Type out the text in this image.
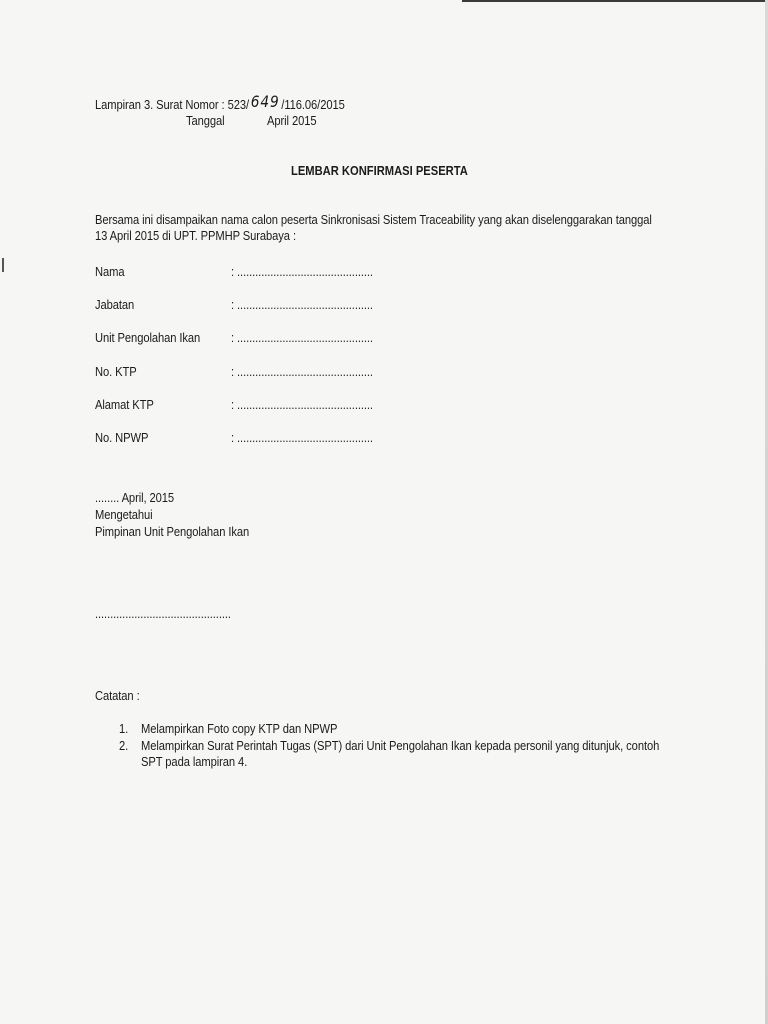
Lampiran 3. Surat Nomor : 523/ 649 /116.06/2015
Tanggal	April 2015
LEMBAR KONFIRMASI PESERTA
Bersama ini disampaikan nama calon peserta Sinkronisasi Sistem Traceability yang akan diselenggarakan tanggal
13 April 2015 di UPT. PPMHP Surabaya :
Nama	: .............................................
Jabatan	: .............................................
Unit Pengolahan Ikan : .............................................
No. KTP	: .............................................
Alamat KTP	: .............................................
No. NPWP	: .............................................
........ April, 2015
Mengetahui
Pimpinan Unit Pengolahan Ikan
.............................................
Catatan :
1. Melampirkan Foto copy KTP dan NPWP
2. Melampirkan Surat Perintah Tugas (SPT) dari Unit Pengolahan Ikan kepada personil yang ditunjuk, contoh
SPT pada lampiran 4.
